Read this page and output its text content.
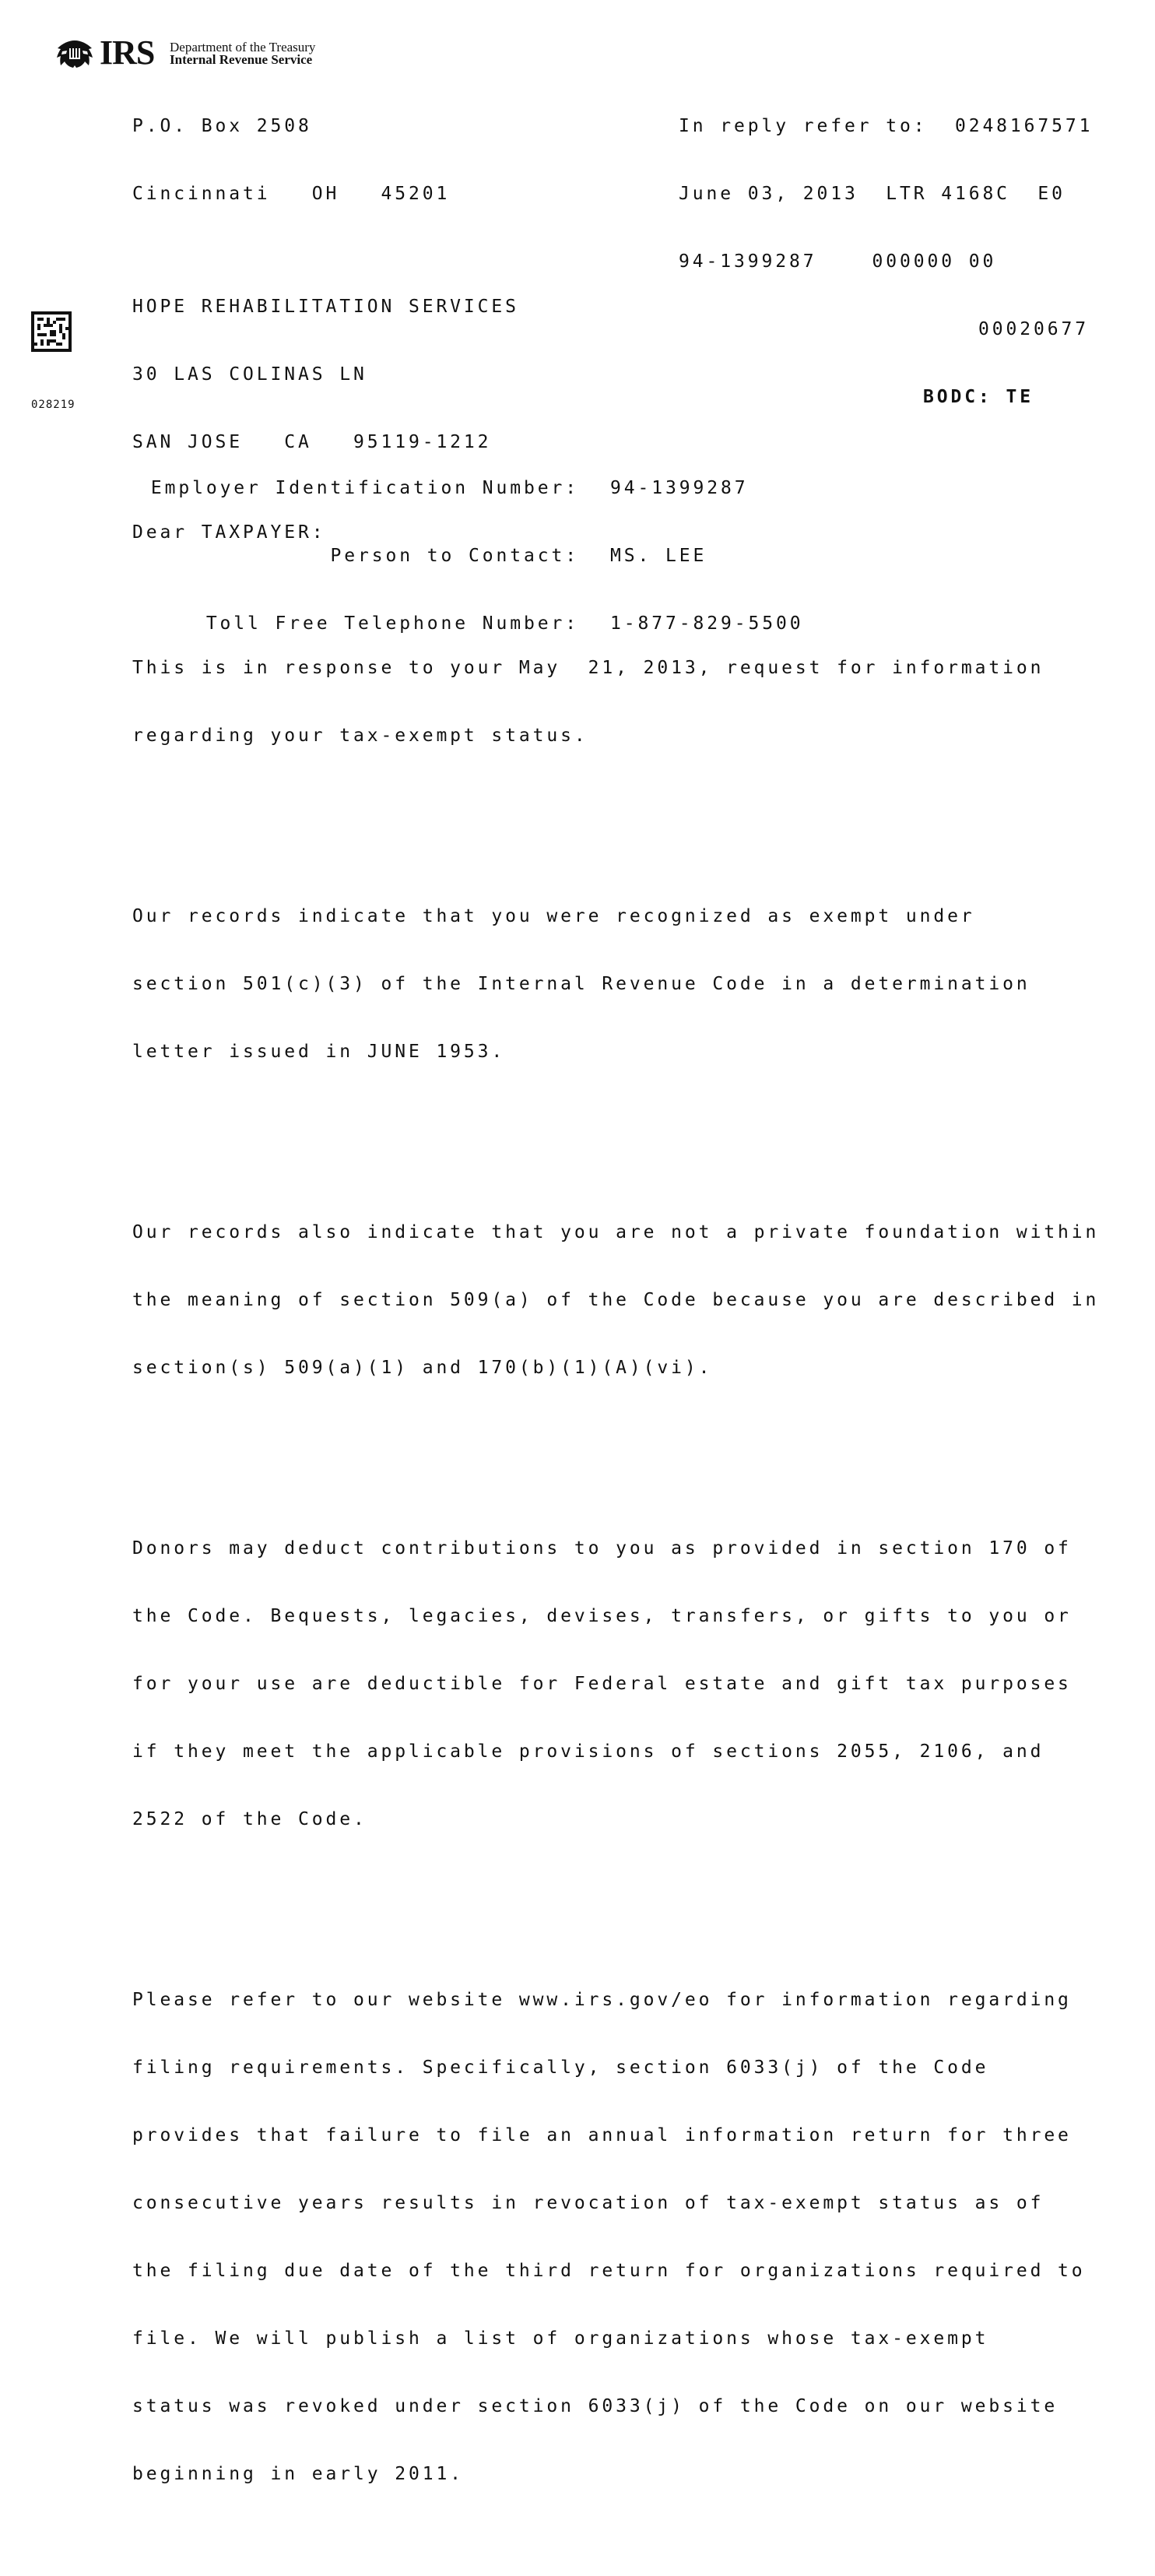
IRS Department of the Treasury
Internal Revenue Service

P.O. Box 2508

Cincinnati   OH   45201

In reply refer to:  0248167571

June 03, 2013  LTR 4168C  E0

94-1399287    000000 00

00020677

BODC: TE

HOPE REHABILITATION SERVICES

30 LAS COLINAS LN

SAN JOSE   CA   95119-1212

028219

Employer Identification Number:

Person to Contact:

Toll Free Telephone Number:

94-1399287

MS. LEE

1-877-829-5500

Dear TAXPAYER:

This is in response to your May  21, 2013, request for information

regarding your tax-exempt status.

Our records indicate that you were recognized as exempt under

section 501(c)(3) of the Internal Revenue Code in a determination

letter issued in JUNE 1953.

Our records also indicate that you are not a private foundation within

the meaning of section 509(a) of the Code because you are described in

section(s) 509(a)(1) and 170(b)(1)(A)(vi).

Donors may deduct contributions to you as provided in section 170 of

the Code. Bequests, legacies, devises, transfers, or gifts to you or

for your use are deductible for Federal estate and gift tax purposes

if they meet the applicable provisions of sections 2055, 2106, and

2522 of the Code.

Please refer to our website www.irs.gov/eo for information regarding

filing requirements. Specifically, section 6033(j) of the Code

provides that failure to file an annual information return for three

consecutive years results in revocation of tax-exempt status as of

the filing due date of the third return for organizations required to

file. We will publish a list of organizations whose tax-exempt

status was revoked under section 6033(j) of the Code on our website

beginning in early 2011.
